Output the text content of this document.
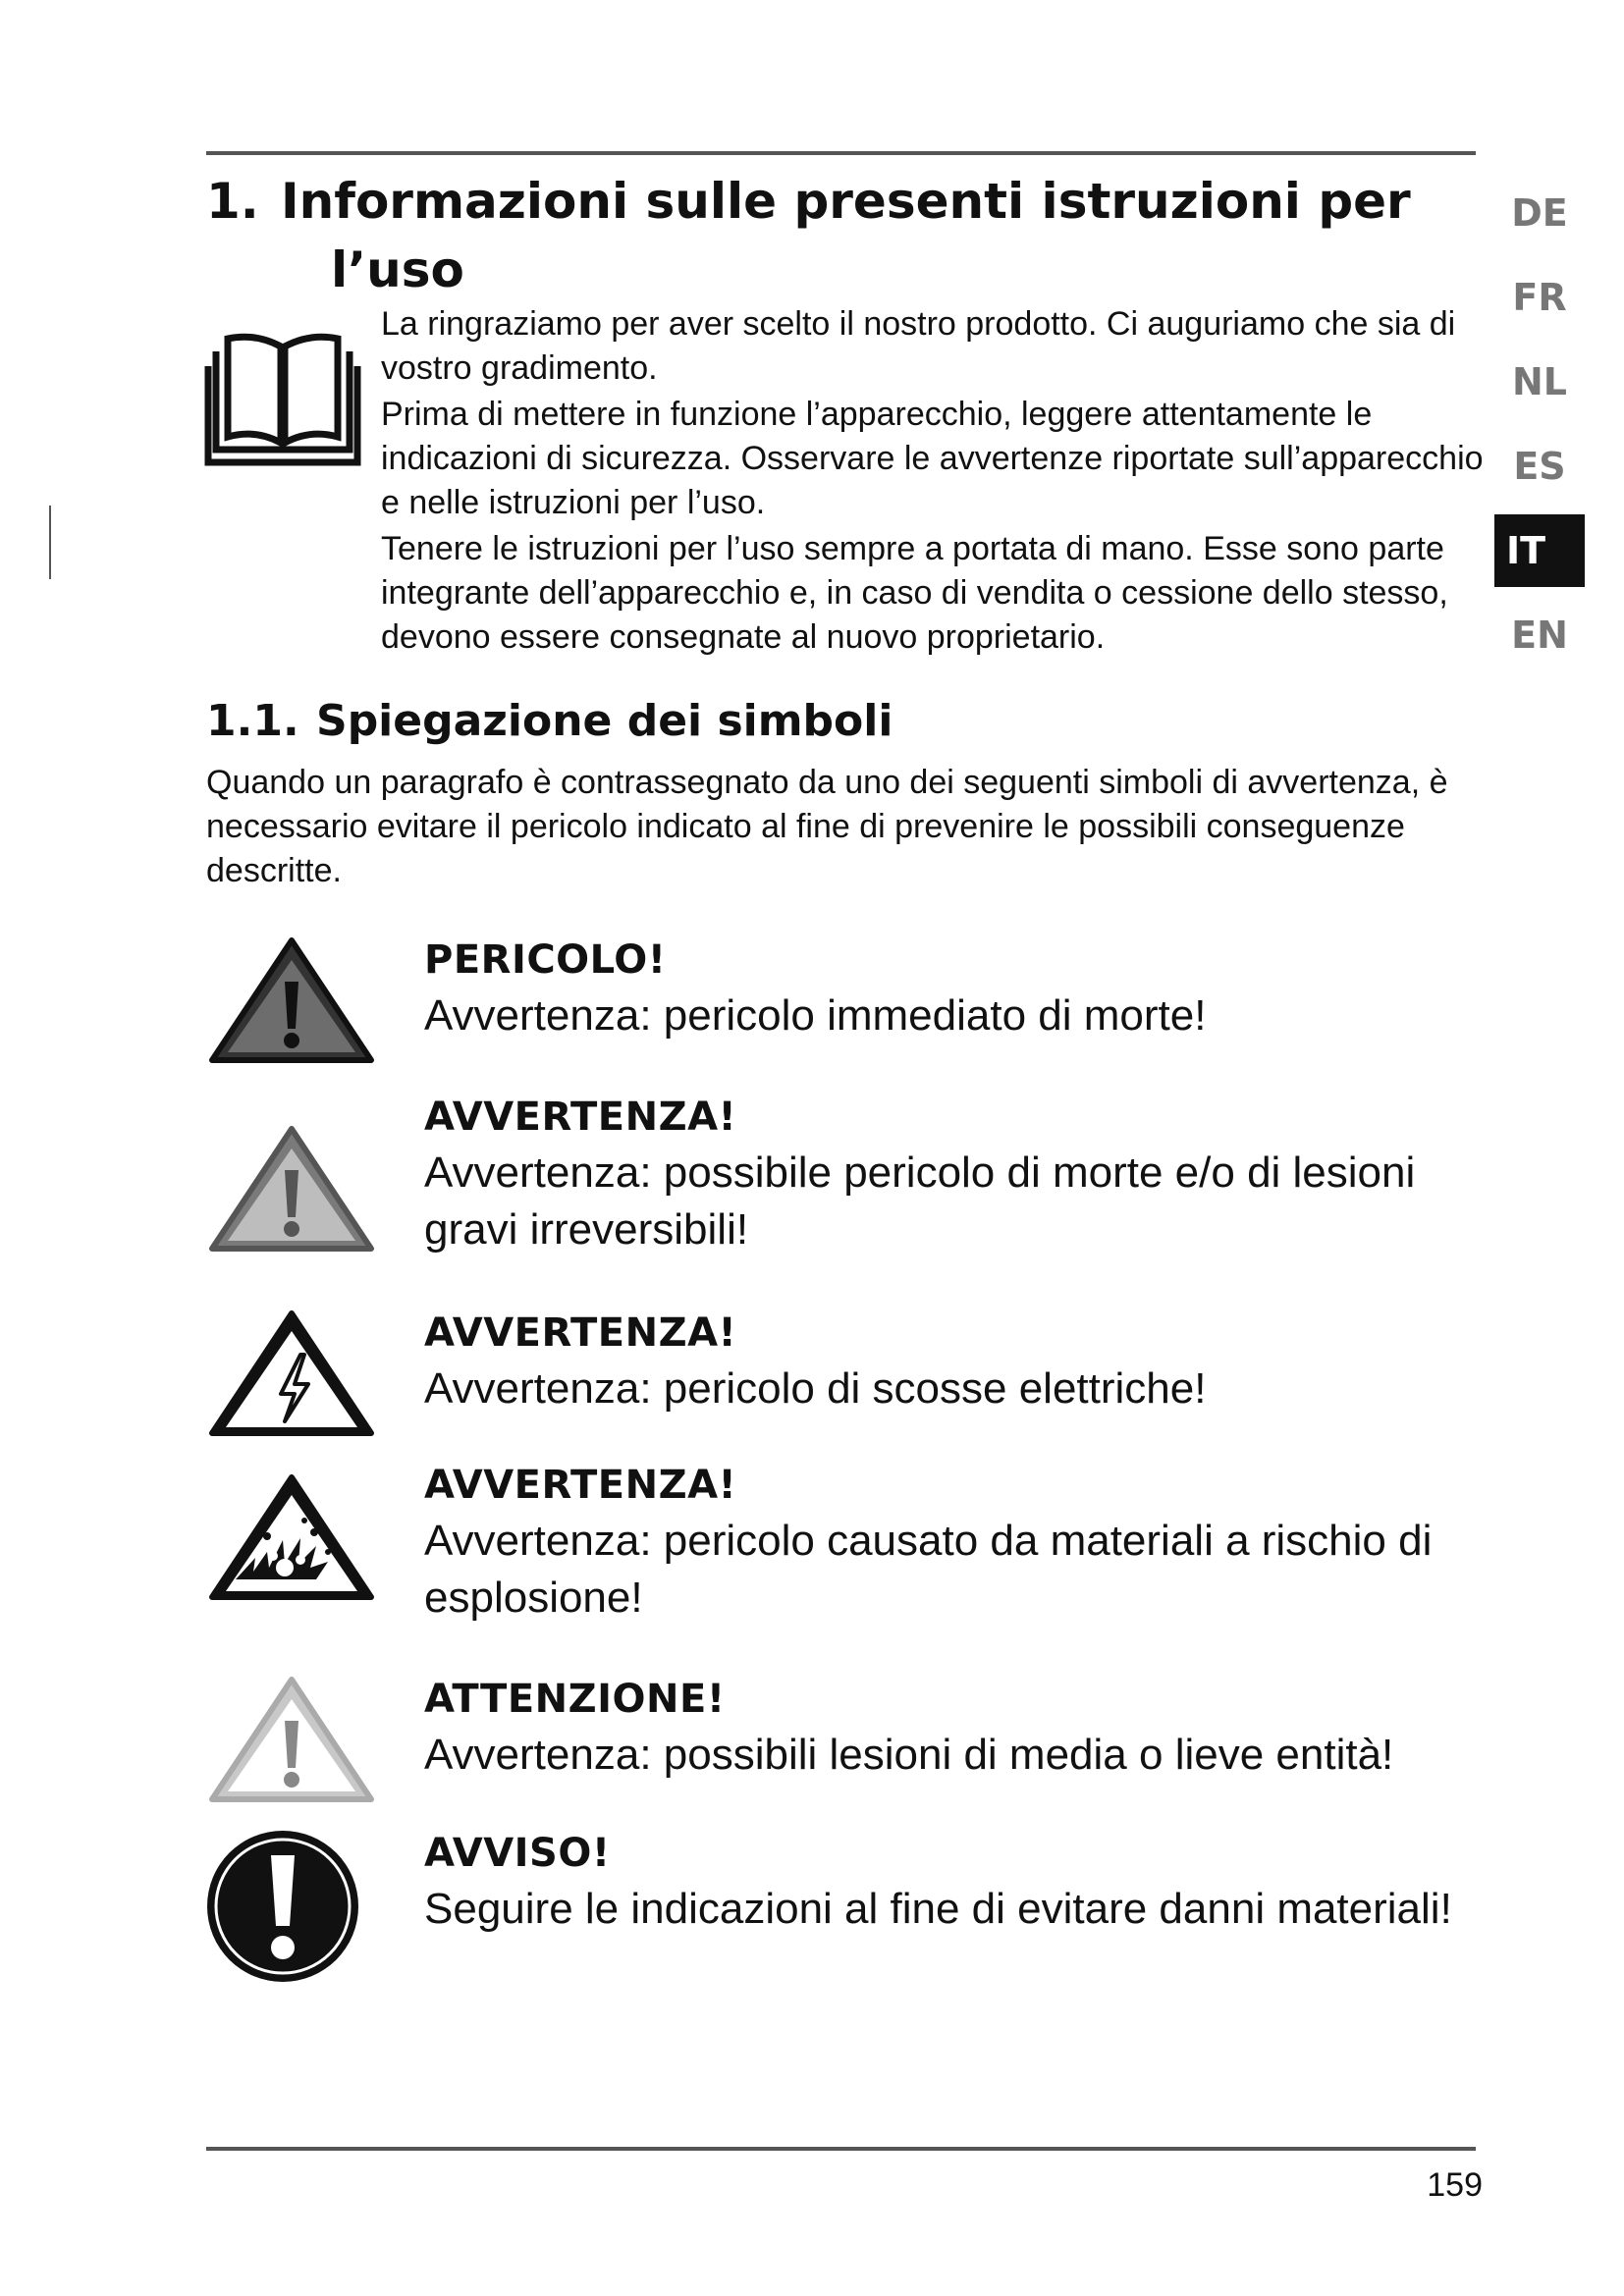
1. Informazioni sulle presenti istruzioni per
l’uso

La ringraziamo per aver scelto il nostro prodotto. Ci auguriamo che sia di vostro gradimento.

Prima di mettere in funzione l’apparecchio, leggere attentamente le indicazioni di sicurezza. Osservare le avvertenze riportate sull’apparecchio e nelle istruzioni per l’uso.

Tenere le istruzioni per l’uso sempre a portata di mano. Esse sono parte integrante dell’apparecchio e, in caso di vendita o cessione dello stesso, devono essere consegnate al nuovo proprietario.

1.1. Spiegazione dei simboli

Quando un paragrafo è contrassegnato da uno dei seguenti simboli di avvertenza, è necessario evitare il pericolo indicato al fine di prevenire le possibili conseguenze descritte.

PERICOLO!

Avvertenza: pericolo immediato di morte!

AVVERTENZA!

Avvertenza: possibile pericolo di morte e/o di lesioni gravi irreversibili!

AVVERTENZA!

Avvertenza: pericolo di scosse elettriche!

AVVERTENZA!

Avvertenza: pericolo causato da materiali a rischio di esplosione!

ATTENZIONE!

Avvertenza: possibili lesioni di media o lieve entità!

AVVISO!

Seguire le indicazioni al fine di evitare danni materiali!

DE
FR
NL
ES
IT
EN
159
